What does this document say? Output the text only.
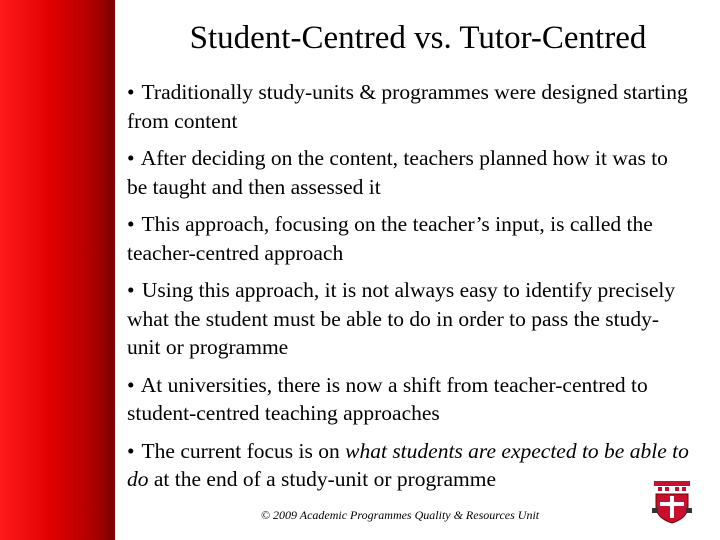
Student-Centred vs. Tutor-Centred
• Traditionally study-units & programmes were designed starting from content
• After deciding on the content, teachers planned how it was to be taught and then assessed it
• This approach, focusing on the teacher’s input, is called the teacher-centred approach
• Using this approach, it is not always easy to identify precisely what the student must be able to do in order to pass the study-unit or programme
• At universities, there is now a shift from teacher-centred to student-centred teaching approaches
• The current focus is on what students are expected to be able to do at the end of a study-unit or programme
© 2009 Academic Programmes Quality & Resources Unit
